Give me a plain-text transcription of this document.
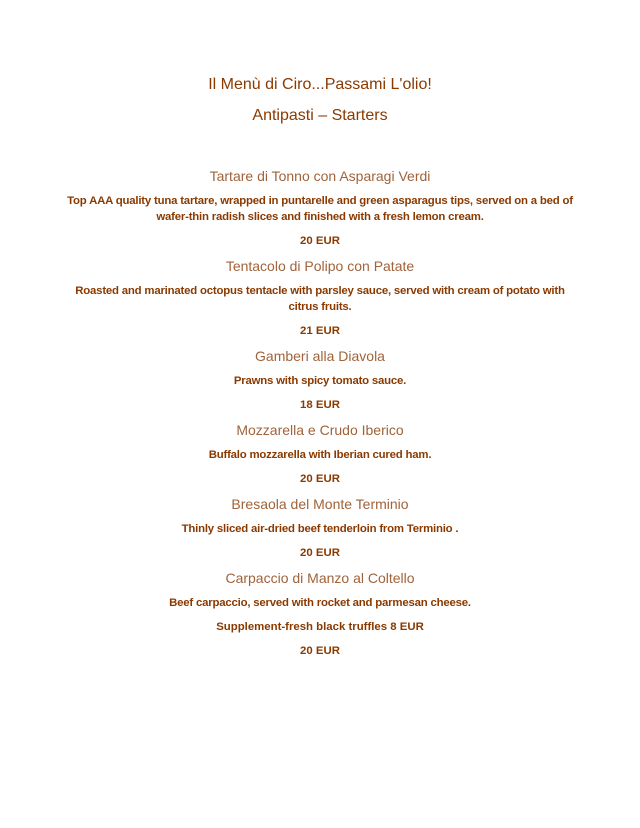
Il Menù di Ciro...Passami L'olio!
Antipasti – Starters
Tartare di Tonno con Asparagi Verdi
Top AAA quality tuna tartare, wrapped in puntarelle and green asparagus tips, served on a bed of wafer-thin radish slices and finished with a fresh lemon cream.
20 EUR
Tentacolo di Polipo con Patate
Roasted and marinated octopus tentacle with parsley sauce, served with cream of potato with citrus fruits.
21 EUR
Gamberi alla Diavola
Prawns with spicy tomato sauce.
18 EUR
Mozzarella e Crudo Iberico
Buffalo mozzarella with Iberian cured ham.
20 EUR
Bresaola del Monte Terminio
Thinly sliced air-dried beef tenderloin from Terminio .
20 EUR
Carpaccio di Manzo al Coltello
Beef carpaccio, served with rocket and parmesan cheese.
Supplement-fresh black truffles 8 EUR
20 EUR
